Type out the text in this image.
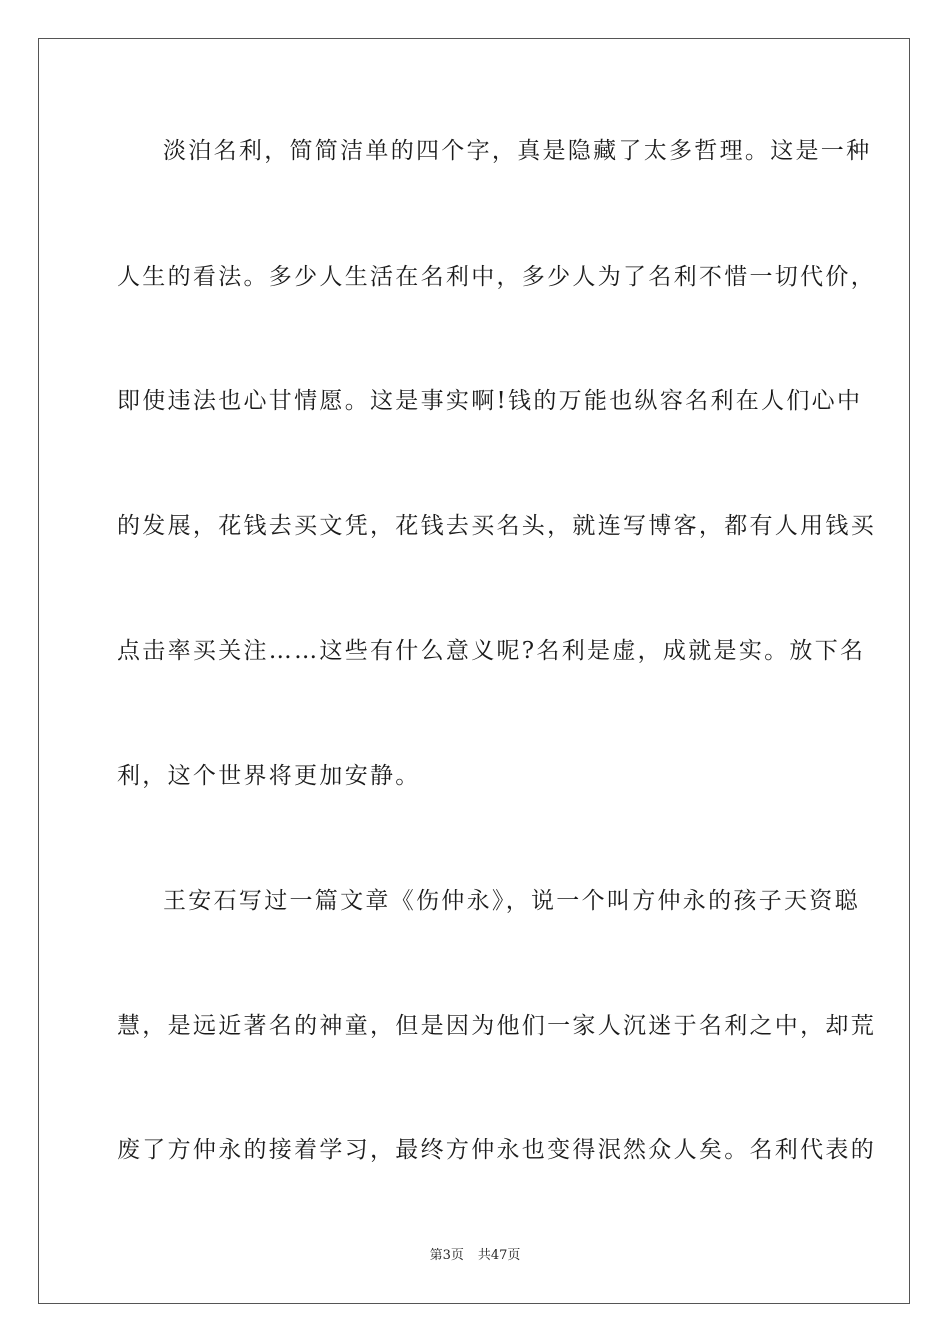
淡泊名利，简简洁单的四个字，真是隐藏了太多哲理。这是一种
人生的看法。多少人生活在名利中，多少人为了名利不惜一切代价，
即使违法也心甘情愿。这是事实啊!钱的万能也纵容名利在人们心中
的发展，花钱去买文凭，花钱去买名头，就连写博客，都有人用钱买
点击率买关注……这些有什么意义呢?名利是虚，成就是实。放下名
利，这个世界将更加安静。
王安石写过一篇文章《伤仲永》，说一个叫方仲永的孩子天资聪
慧，是远近著名的神童，但是因为他们一家人沉迷于名利之中，却荒
废了方仲永的接着学习，最终方仲永也变得泯然众人矣。名利代表的
第3页 共47页
